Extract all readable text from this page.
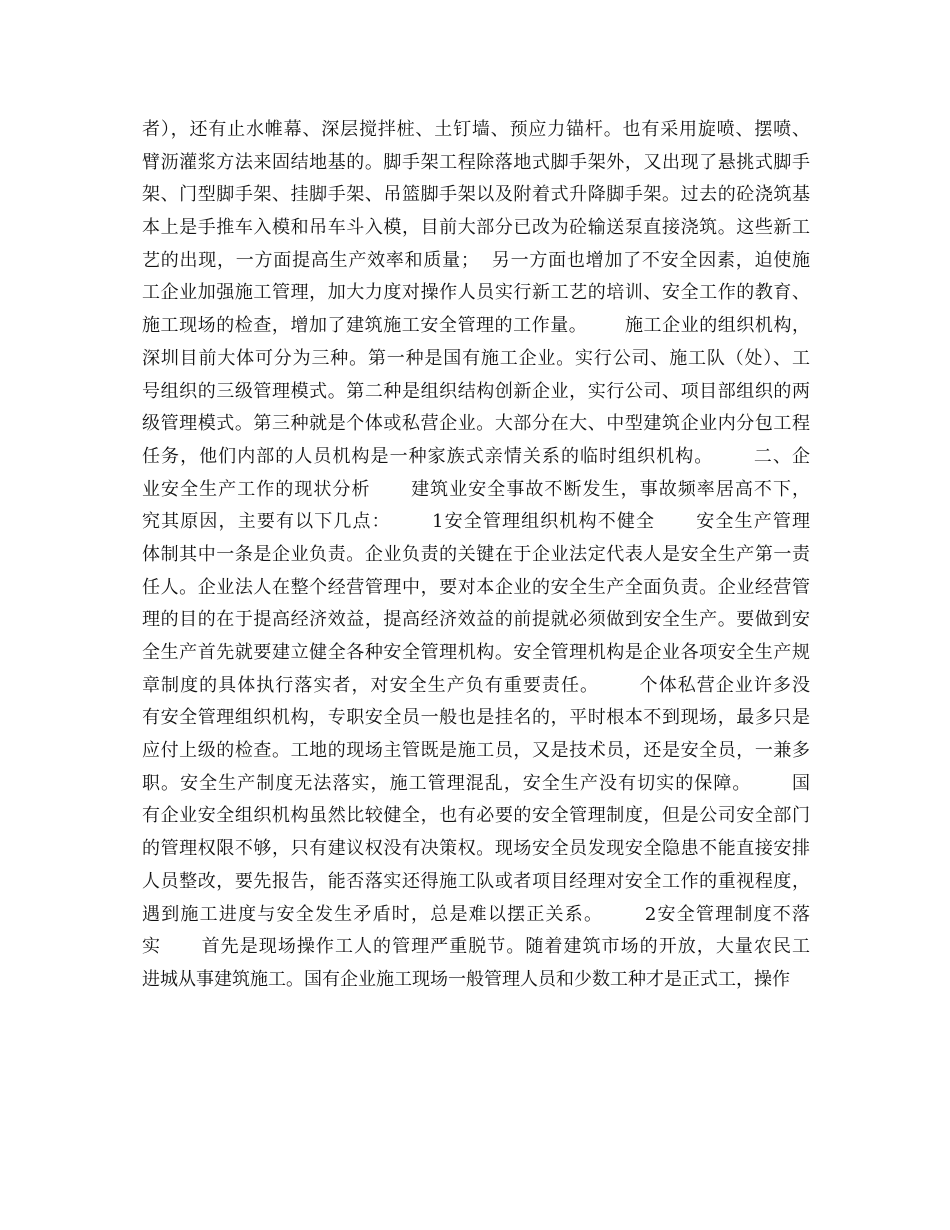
者），还有止水帷幕、深层搅拌桩、土钉墙、预应力锚杆。也有采用旋喷、摆喷、
臂沥灌浆方法来固结地基的。脚手架工程除落地式脚手架外，又出现了悬挑式脚手
架、门型脚手架、挂脚手架、吊篮脚手架以及附着式升降脚手架。过去的砼浇筑基
本上是手推车入模和吊车斗入模，目前大部分已改为砼输送泵直接浇筑。这些新工
艺的出现，一方面提高生产效率和质量；  另一方面也增加了不安全因素，迫使施
工企业加强施工管理，加大力度对操作人员实行新工艺的培训、安全工作的教育、
施工现场的检查，增加了建筑施工安全管理的工作量。      施工企业的组织机构，
深圳目前大体可分为三种。第一种是国有施工企业。实行公司、施工队（处）、工
号组织的三级管理模式。第二种是组织结构创新企业，实行公司、项目部组织的两
级管理模式。第三种就是个体或私营企业。大部分在大、中型建筑企业内分包工程
任务，他们内部的人员机构是一种家族式亲情关系的临时组织机构。      二、企
业安全生产工作的现状分析      建筑业安全事故不断发生，事故频率居高不下，
究其原因，主要有以下几点：      1安全管理组织机构不健全      安全生产管理
体制其中一条是企业负责。企业负责的关键在于企业法定代表人是安全生产第一责
任人。企业法人在整个经营管理中，要对本企业的安全生产全面负责。企业经营管
理的目的在于提高经济效益，提高经济效益的前提就必须做到安全生产。要做到安
全生产首先就要建立健全各种安全管理机构。安全管理机构是企业各项安全生产规
章制度的具体执行落实者，对安全生产负有重要责任。      个体私营企业许多没
有安全管理组织机构，专职安全员一般也是挂名的，平时根本不到现场，最多只是
应付上级的检查。工地的现场主管既是施工员，又是技术员，还是安全员，一兼多
职。安全生产制度无法落实，施工管理混乱，安全生产没有切实的保障。      国
有企业安全组织机构虽然比较健全，也有必要的安全管理制度，但是公司安全部门
的管理权限不够，只有建议权没有决策权。现场安全员发现安全隐患不能直接安排
人员整改，要先报告，能否落实还得施工队或者项目经理对安全工作的重视程度，
遇到施工进度与安全发生矛盾时，总是难以摆正关系。      2安全管理制度不落
实      首先是现场操作工人的管理严重脱节。随着建筑市场的开放，大量农民工
进城从事建筑施工。国有企业施工现场一般管理人员和少数工种才是正式工，操作
